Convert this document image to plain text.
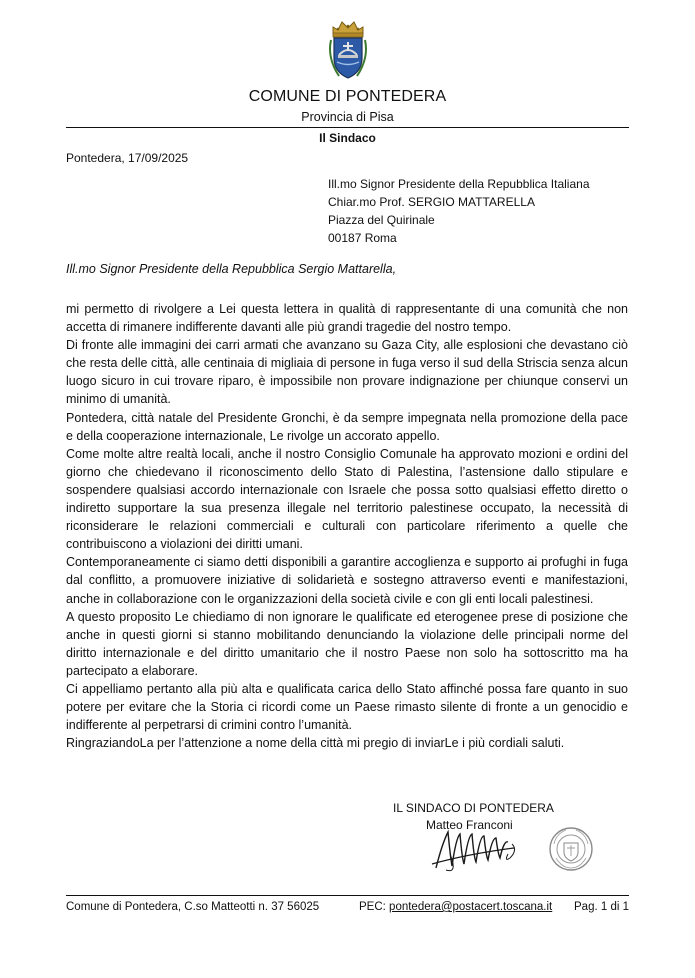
COMUNE DI PONTEDERA
Provincia di Pisa
Il Sindaco
Pontedera, 17/09/2025
Ill.mo Signor Presidente della Repubblica Italiana
Chiar.mo Prof. SERGIO MATTARELLA
Piazza del Quirinale
00187 Roma
Ill.mo Signor Presidente della Repubblica Sergio Mattarella,

mi permetto di rivolgere a Lei questa lettera in qualità di rappresentante di una comunità che non accetta di rimanere indifferente davanti alle più grandi tragedie del nostro tempo.

Di fronte alle immagini dei carri armati che avanzano su Gaza City, alle esplosioni che devastano ciò che resta delle città, alle centinaia di migliaia di persone in fuga verso il sud della Striscia senza alcun luogo sicuro in cui trovare riparo, è impossibile non provare indignazione per chiunque conservi un minimo di umanità.

Pontedera, città natale del Presidente Gronchi, è da sempre impegnata nella promozione della pace e della cooperazione internazionale, Le rivolge un accorato appello.

Come molte altre realtà locali, anche il nostro Consiglio Comunale ha approvato mozioni e ordini del giorno che chiedevano il riconoscimento dello Stato di Palestina, l’astensione dallo stipulare e sospendere qualsiasi accordo internazionale con Israele che possa sotto qualsiasi effetto diretto o indiretto supportare la sua presenza illegale nel territorio palestinese occupato, la necessità di riconsiderare le relazioni commerciali e culturali con particolare riferimento a quelle che contribuiscono a violazioni dei diritti umani.

Contemporaneamente ci siamo detti disponibili a garantire accoglienza e supporto ai profughi in fuga dal conflitto, a promuovere iniziative di solidarietà e sostegno attraverso eventi e manifestazioni, anche in collaborazione con le organizzazioni della società civile e con gli enti locali palestinesi.

A questo proposito Le chiediamo di non ignorare le qualificate ed eterogenee prese di posizione che anche in questi giorni si stanno mobilitando denunciando la violazione delle principali norme del diritto internazionale e del diritto umanitario che il nostro Paese non solo ha sottoscritto ma ha partecipato a elaborare.

Ci appelliamo pertanto alla più alta e qualificata carica dello Stato affinché possa fare quanto in suo potere per evitare che la Storia ci ricordi come un Paese rimasto silente di fronte a un genocidio e indifferente al perpetrarsi di crimini contro l’umanità.

RingraziandoLa per l’attenzione a nome della città mi pregio di inviarLe i più cordiali saluti.

IL SINDACO DI PONTEDERA
Matteo Franconi
Comune di Pontedera, C.so Matteotti n. 37 56025	PEC: pontedera@postacert.toscana.it Pag. 1 di 1
